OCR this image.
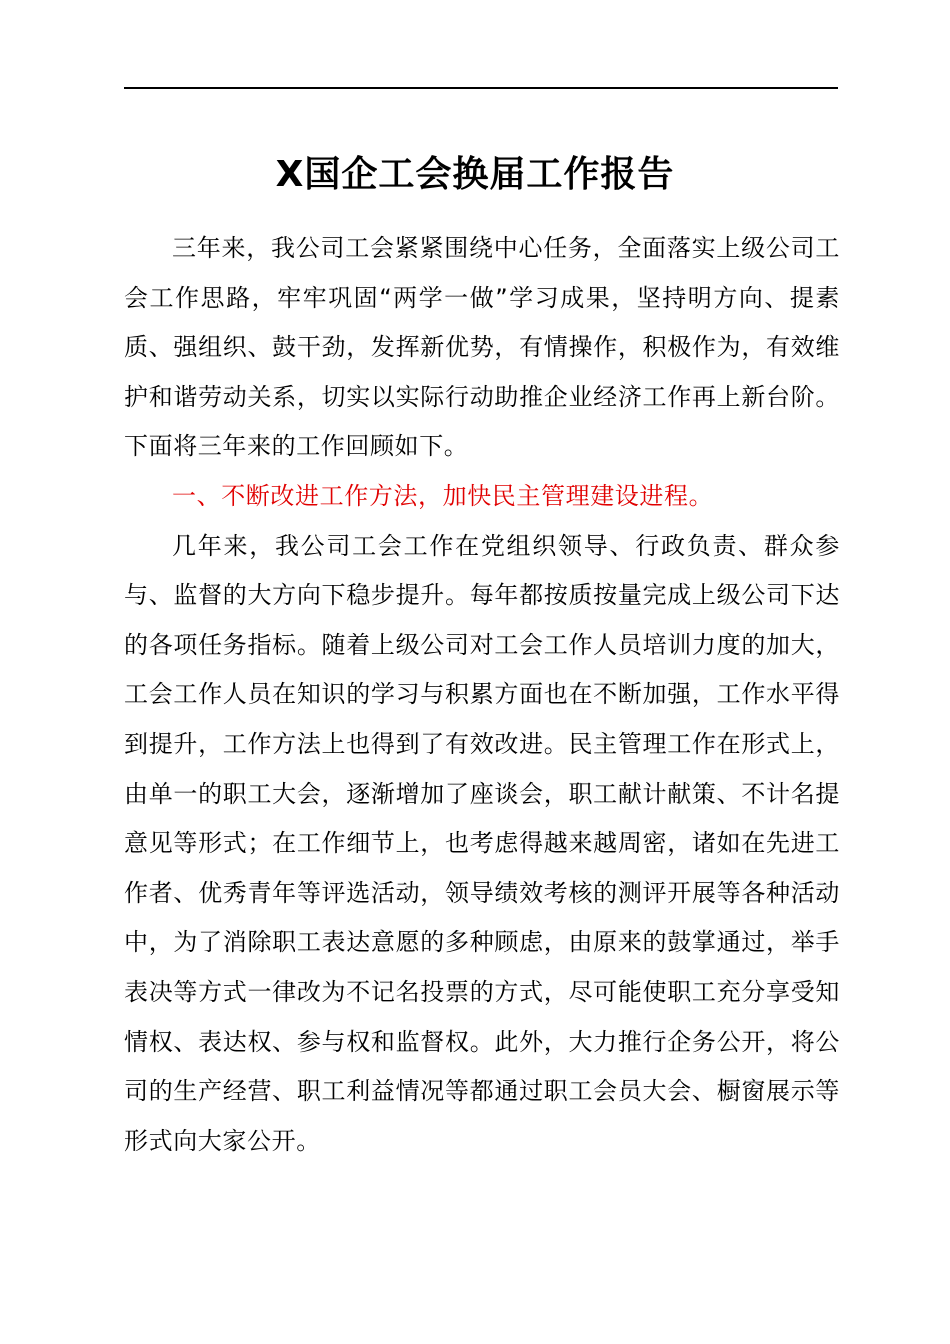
X国企工会换届工作报告

三年来，我公司工会紧紧围绕中心任务，全面落实上级公司工会工作思路，牢牢巩固“两学一做”学习成果，坚持明方向、提素质、强组织、鼓干劲，发挥新优势，有情操作，积极作为，有效维护和谐劳动关系，切实以实际行动助推企业经济工作再上新台阶。下面将三年来的工作回顾如下。

一、不断改进工作方法，加快民主管理建设进程。

几年来，我公司工会工作在党组织领导、行政负责、群众参与、监督的大方向下稳步提升。每年都按质按量完成上级公司下达的各项任务指标。随着上级公司对工会工作人员培训力度的加大，工会工作人员在知识的学习与积累方面也在不断加强，工作水平得到提升，工作方法上也得到了有效改进。民主管理工作在形式上，由单一的职工大会，逐渐增加了座谈会，职工献计献策、不计名提意见等形式；在工作细节上，也考虑得越来越周密，诸如在先进工作者、优秀青年等评选活动，领导绩效考核的测评开展等各种活动中，为了消除职工表达意愿的多种顾虑，由原来的鼓掌通过，举手表决等方式一律改为不记名投票的方式，尽可能使职工充分享受知情权、表达权、参与权和监督权。此外，大力推行企务公开，将公司的生产经营、职工利益情况等都通过职工会员大会、橱窗展示等形式向大家公开。
